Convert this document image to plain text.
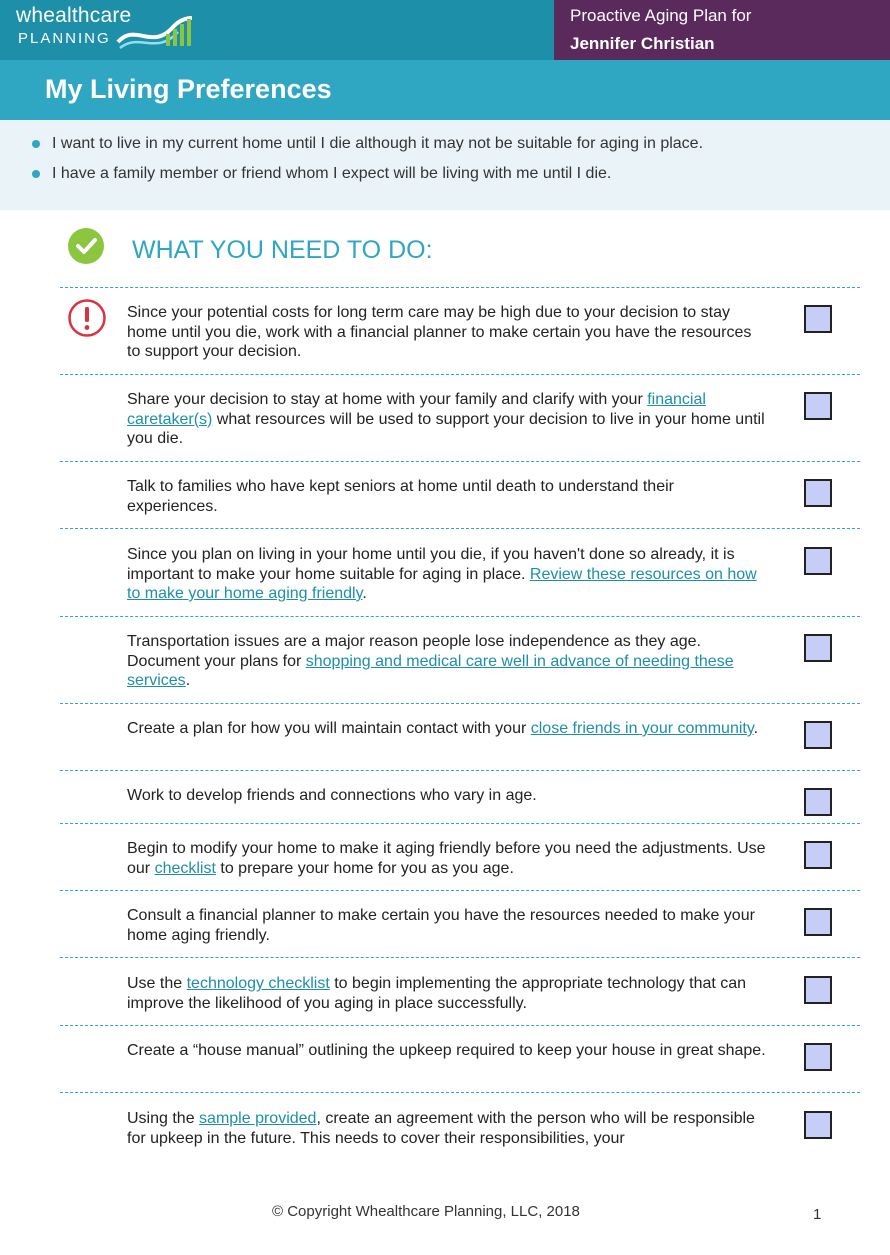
whealthcare
PLANNING
Proactive Aging Plan for
Jennifer Christian
My Living Preferences
I want to live in my current home until I die although it may not be suitable for aging in place.
I have a family member or friend whom I expect will be living with me until I die.
WHAT YOU NEED TO DO:
Since your potential costs for long term care may be high due to your decision to stay home until you die, work with a financial planner to make certain you have the resources to support your decision.
Share your decision to stay at home with your family and clarify with your financial caretaker(s) what resources will be used to support your decision to live in your home until you die.
Talk to families who have kept seniors at home until death to understand their experiences.
Since you plan on living in your home until you die, if you haven't done so already, it is important to make your home suitable for aging in place. Review these resources on how to make your home aging friendly.
Transportation issues are a major reason people lose independence as they age. Document your plans for shopping and medical care well in advance of needing these services.
Create a plan for how you will maintain contact with your close friends in your community.
Work to develop friends and connections who vary in age.
Begin to modify your home to make it aging friendly before you need the adjustments. Use our checklist to prepare your home for you as you age.
Consult a financial planner to make certain you have the resources needed to make your home aging friendly.
Use the technology checklist to begin implementing the appropriate technology that can improve the likelihood of you aging in place successfully.
Create a “house manual” outlining the upkeep required to keep your house in great shape.
Using the sample provided, create an agreement with the person who will be responsible for upkeep in the future. This needs to cover their responsibilities, your
© Copyright Whealthcare Planning, LLC, 2018	1
